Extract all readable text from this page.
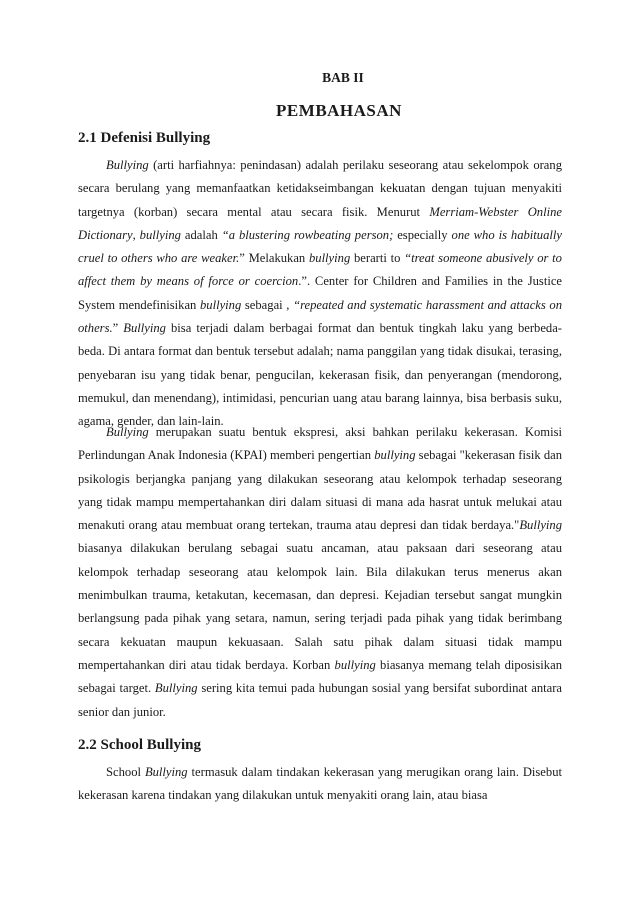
BAB II
PEMBAHASAN
2.1 Defenisi Bullying

Bullying (arti harfiahnya: penindasan) adalah perilaku seseorang atau sekelompok orang secara berulang yang memanfaatkan ketidakseimbangan kekuatan dengan tujuan menyakiti targetnya (korban) secara mental atau secara fisik. Menurut Merriam-Webster Online Dictionary, bullying adalah “a blustering rowbeating person; especially one who is habitually cruel to others who are weaker.” Melakukan bullying berarti to “treat someone abusively or to affect them by means of force or coercion.”. Center for Children and Families in the Justice System mendefinisikan bullying sebagai , “repeated and systematic harassment and attacks on others.” Bullying bisa terjadi dalam berbagai format dan bentuk tingkah laku yang berbeda-beda. Di antara format dan bentuk tersebut adalah; nama panggilan yang tidak disukai, terasing, penyebaran isu yang tidak benar, pengucilan, kekerasan fisik, dan penyerangan (mendorong, memukul, dan menendang), intimidasi, pencurian uang atau barang lainnya, bisa berbasis suku, agama, gender, dan lain-lain.

Bullying merupakan suatu bentuk ekspresi, aksi bahkan perilaku kekerasan. Komisi Perlindungan Anak Indonesia (KPAI) memberi pengertian bullying sebagai "kekerasan fisik dan psikologis berjangka panjang yang dilakukan seseorang atau kelompok terhadap seseorang yang tidak mampu mempertahankan diri dalam situasi di mana ada hasrat untuk melukai atau menakuti orang atau membuat orang tertekan, trauma atau depresi dan tidak berdaya."Bullying biasanya dilakukan berulang sebagai suatu ancaman, atau paksaan dari seseorang atau kelompok terhadap seseorang atau kelompok lain. Bila dilakukan terus menerus akan menimbulkan trauma, ketakutan, kecemasan, dan depresi. Kejadian tersebut sangat mungkin berlangsung pada pihak yang setara, namun, sering terjadi pada pihak yang tidak berimbang secara kekuatan maupun kekuasaan. Salah satu pihak dalam situasi tidak mampu mempertahankan diri atau tidak berdaya. Korban bullying biasanya memang telah diposisikan sebagai target. Bullying sering kita temui pada hubungan sosial yang bersifat subordinat antara senior dan junior.

2.2 School Bullying

School Bullying termasuk dalam tindakan kekerasan yang merugikan orang lain. Disebut kekerasan karena tindakan yang dilakukan untuk menyakiti orang lain, atau biasa
